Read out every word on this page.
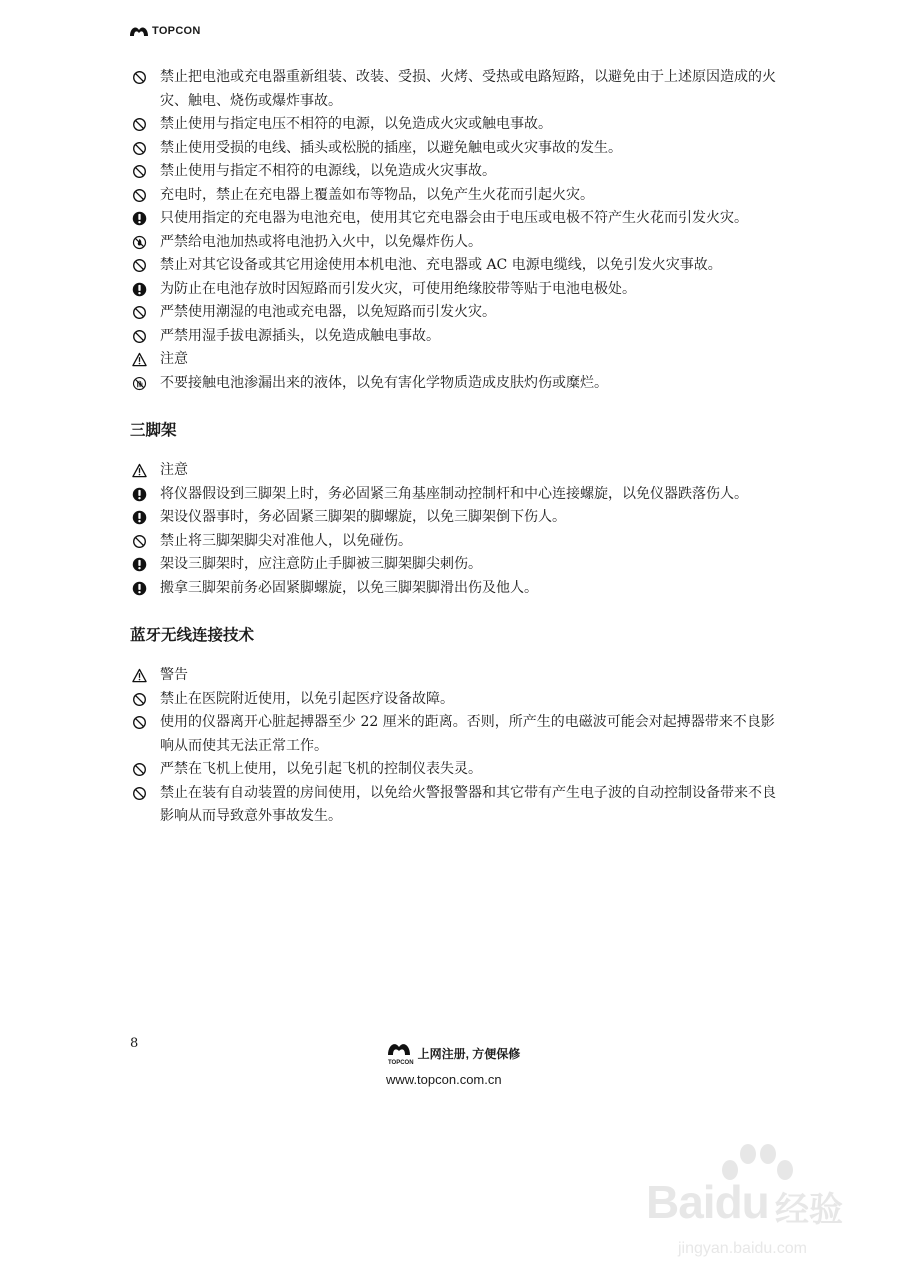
TOPCON
禁止把电池或充电器重新组装、改装、受损、火烤、受热或电路短路，以避免由于上述原因造成的火灾、触电、烧伤或爆炸事故。
禁止使用与指定电压不相符的电源，以免造成火灾或触电事故。
禁止使用受损的电线、插头或松脱的插座，以避免触电或火灾事故的发生。
禁止使用与指定不相符的电源线，以免造成火灾事故。
充电时，禁止在充电器上覆盖如布等物品，以免产生火花而引起火灾。
只使用指定的充电器为电池充电，使用其它充电器会由于电压或电极不符产生火花而引发火灾。
严禁给电池加热或将电池扔入火中，以免爆炸伤人。
禁止对其它设备或其它用途使用本机电池、充电器或 AC 电源电缆线，以免引发火灾事故。
为防止在电池存放时因短路而引发火灾，可使用绝缘胶带等贴于电池电极处。
严禁使用潮湿的电池或充电器，以免短路而引发火灾。
严禁用湿手拔电源插头，以免造成触电事故。
注意
不要接触电池渗漏出来的液体，以免有害化学物质造成皮肤灼伤或糜烂。
三脚架
注意
将仪器假设到三脚架上时，务必固紧三角基座制动控制杆和中心连接螺旋，以免仪器跌落伤人。
架设仪器事时，务必固紧三脚架的脚螺旋，以免三脚架倒下伤人。
禁止将三脚架脚尖对准他人，以免碰伤。
架设三脚架时，应注意防止手脚被三脚架脚尖刺伤。
搬拿三脚架前务必固紧脚螺旋，以免三脚架脚滑出伤及他人。
蓝牙无线连接技术
警告
禁止在医院附近使用，以免引起医疗设备故障。
使用的仪器离开心脏起搏器至少 22 厘米的距离。否则，所产生的电磁波可能会对起搏器带来不良影响从而使其无法正常工作。
严禁在飞机上使用，以免引起飞机的控制仪表失灵。
禁止在装有自动装置的房间使用，以免给火警报警器和其它带有产生电子波的自动控制设备带来不良影响从而导致意外事故发生。
8
TOPCON
上网注册, 方便保修
www.topcon.com.cn
Baidu 经验
jingyan.baidu.com
